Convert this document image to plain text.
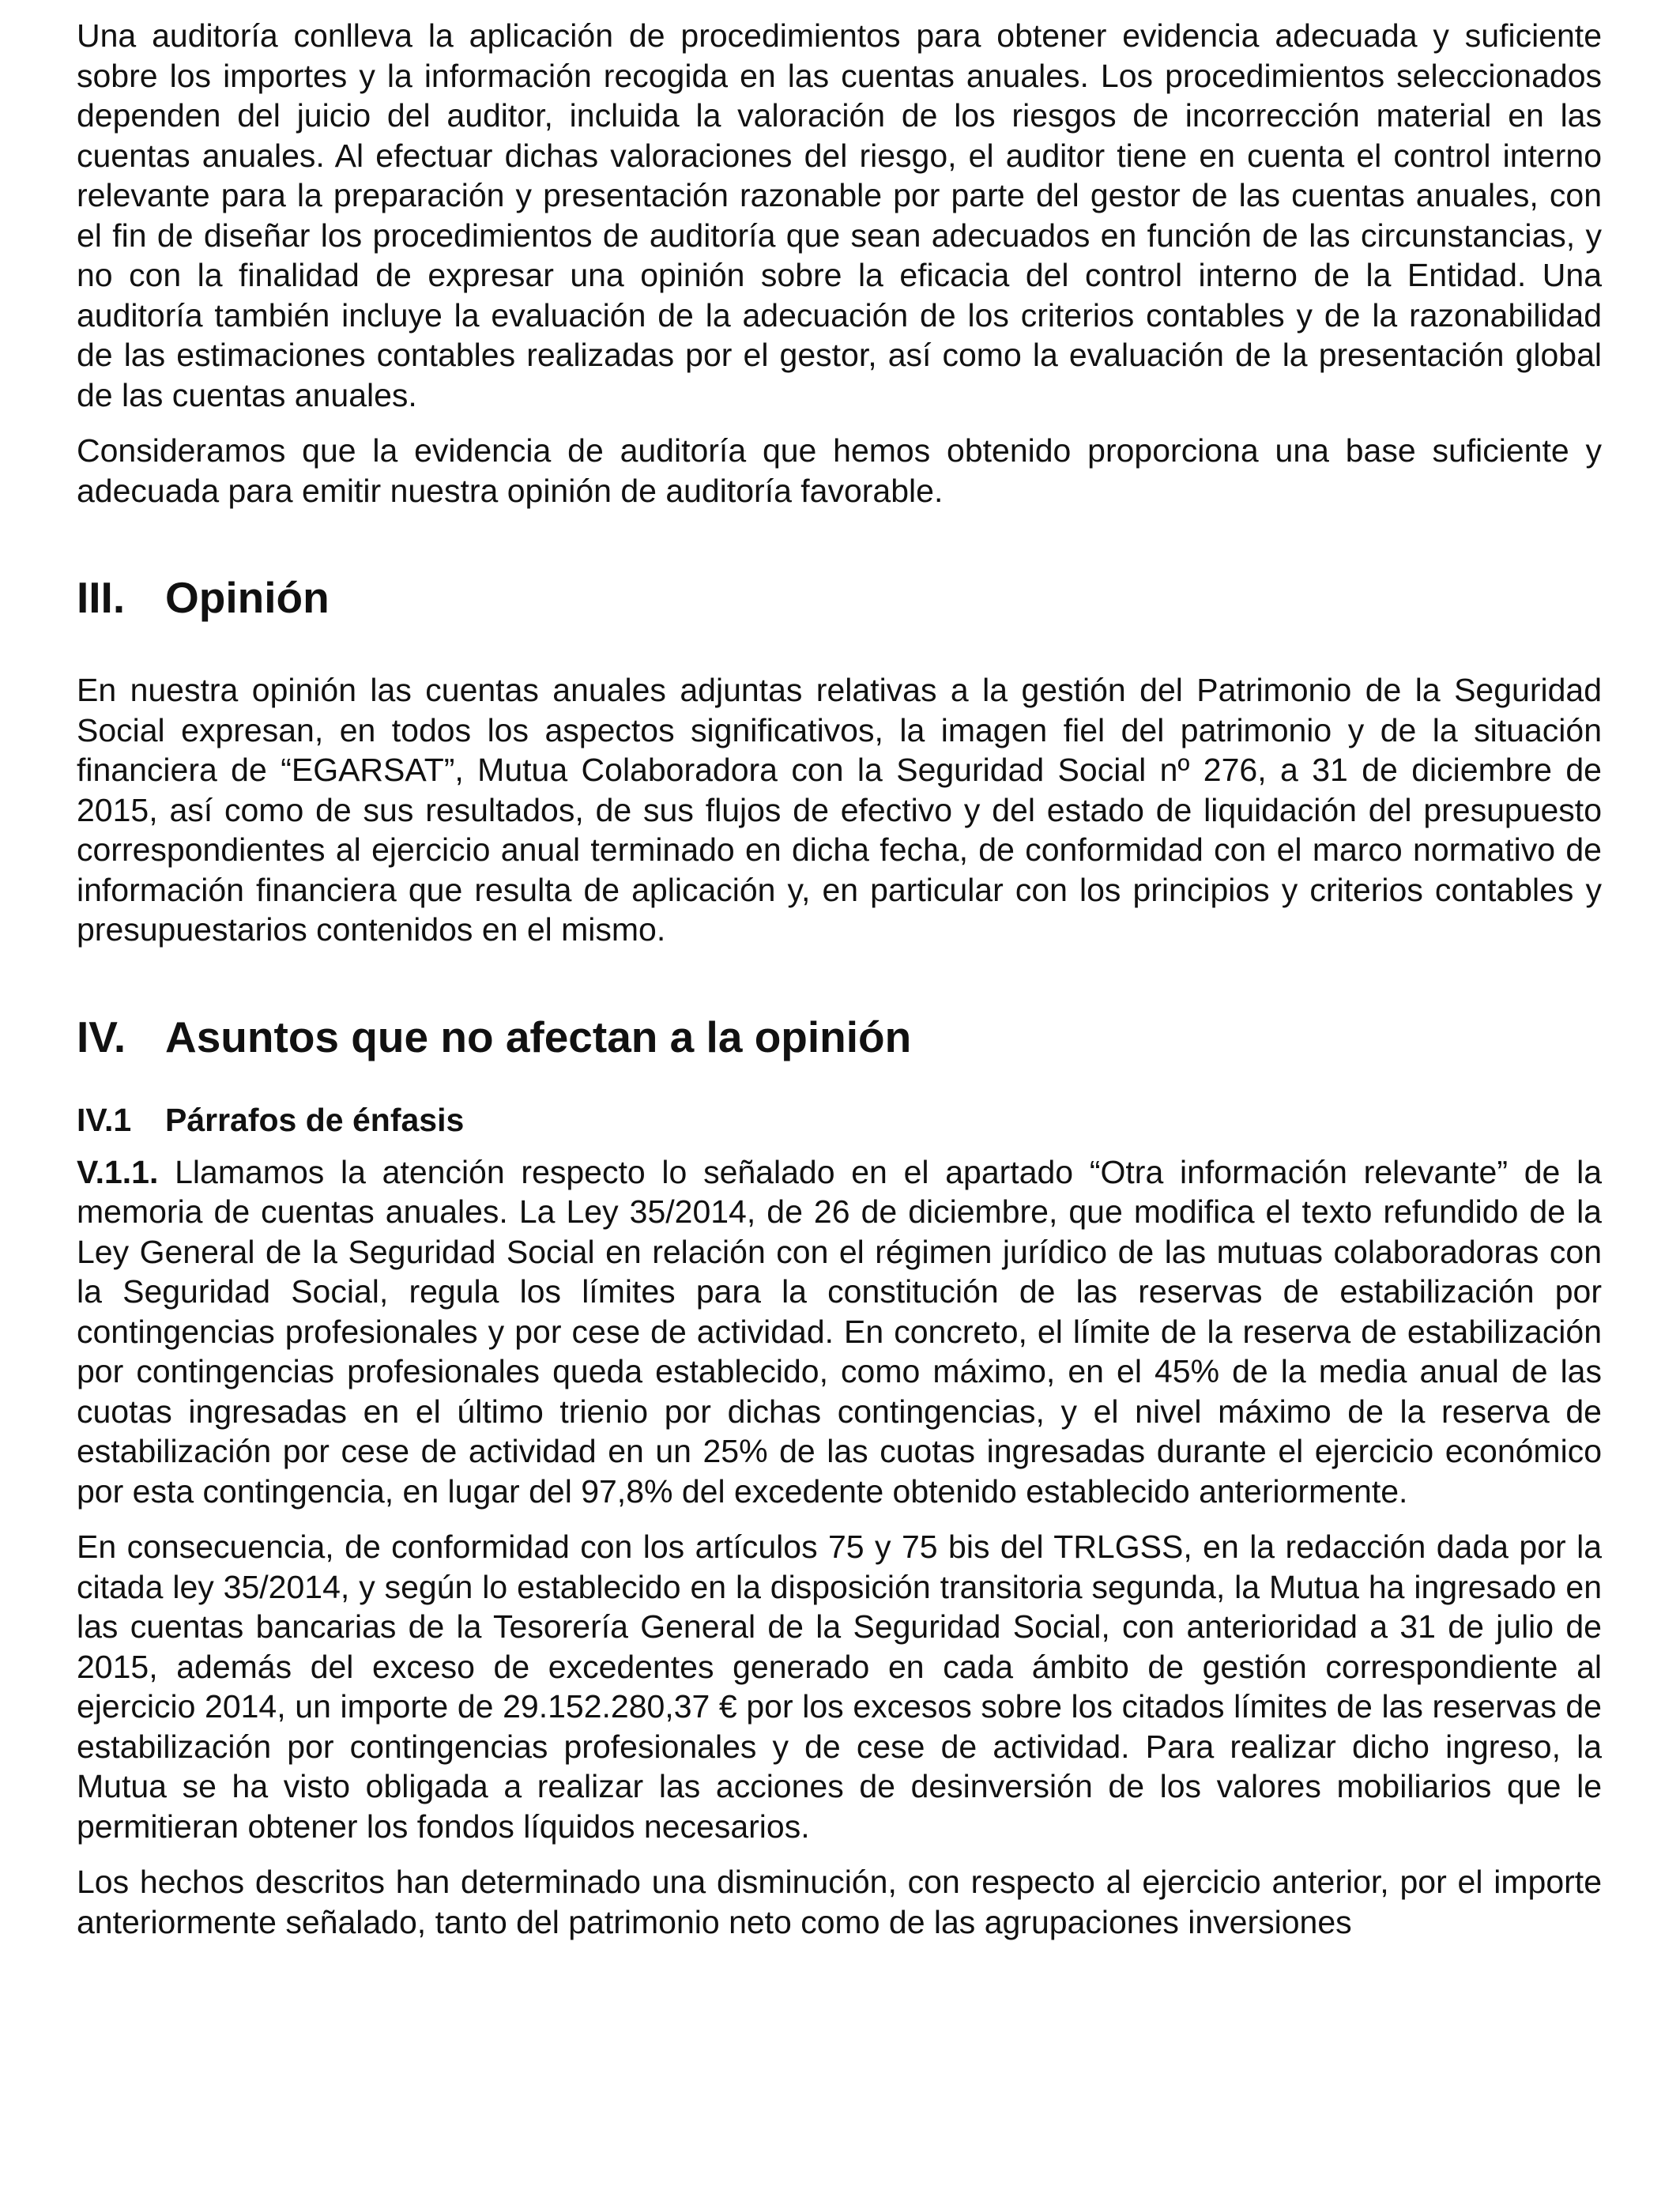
Una auditoría conlleva la aplicación de procedimientos para obtener evidencia adecuada y suficiente sobre los importes y la información recogida en las cuentas anuales. Los procedimientos seleccionados dependen del juicio del auditor, incluida la valoración de los riesgos de incorrección material en las cuentas anuales. Al efectuar dichas valoraciones del riesgo, el auditor tiene en cuenta el control interno relevante para la preparación y presentación razonable por parte del gestor de las cuentas anuales, con el fin de diseñar los procedimientos de auditoría que sean adecuados en función de las circunstancias, y no con la finalidad de expresar una opinión sobre la eficacia del control interno de la Entidad. Una auditoría también incluye la evaluación de la adecuación de los criterios contables y de la razonabilidad de las estimaciones contables realizadas por el gestor, así como la evaluación de la presentación global de las cuentas anuales.

Consideramos que la evidencia de auditoría que hemos obtenido proporciona una base suficiente y adecuada para emitir nuestra opinión de auditoría favorable.

III. Opinión

En nuestra opinión las cuentas anuales adjuntas relativas a la gestión del Patrimonio de la Seguridad Social expresan, en todos los aspectos significativos, la imagen fiel del patrimonio y de la situación financiera de “EGARSAT”, Mutua Colaboradora con la Seguridad Social nº 276, a 31 de diciembre de 2015, así como de sus resultados, de sus flujos de efectivo y del estado de liquidación del presupuesto correspondientes al ejercicio anual terminado en dicha fecha, de conformidad con el marco normativo de información financiera que resulta de aplicación y, en particular con los principios y criterios contables y presupuestarios contenidos en el mismo.

IV. Asuntos que no afectan a la opinión
IV.1	Párrafos de énfasis

V.1.1. Llamamos la atención respecto lo señalado en el apartado “Otra información relevante” de la memoria de cuentas anuales. La Ley 35/2014, de 26 de diciembre, que modifica el texto refundido de la Ley General de la Seguridad Social en relación con el régimen jurídico de las mutuas colaboradoras con la Seguridad Social, regula los límites para la constitución de las reservas de estabilización por contingencias profesionales y por cese de actividad. En concreto, el límite de la reserva de estabilización por contingencias profesionales queda establecido, como máximo, en el 45% de la media anual de las cuotas ingresadas en el último trienio por dichas contingencias, y el nivel máximo de la reserva de estabilización por cese de actividad en un 25% de las cuotas ingresadas durante el ejercicio económico por esta contingencia, en lugar del 97,8% del excedente obtenido establecido anteriormente.

En consecuencia, de conformidad con los artículos 75 y 75 bis del TRLGSS, en la redacción dada por la citada ley 35/2014, y según lo establecido en la disposición transitoria segunda, la Mutua ha ingresado en las cuentas bancarias de la Tesorería General de la Seguridad Social, con anterioridad a 31 de julio de 2015, además del exceso de excedentes generado en cada ámbito de gestión correspondiente al ejercicio 2014, un importe de 29.152.280,37 € por los excesos sobre los citados límites de las reservas de estabilización por contingencias profesionales y de cese de actividad. Para realizar dicho ingreso, la Mutua se ha visto obligada a realizar las acciones de desinversión de los valores mobiliarios que le permitieran obtener los fondos líquidos necesarios.

Los hechos descritos han determinado una disminución, con respecto al ejercicio anterior, por el importe anteriormente señalado, tanto del patrimonio neto como de las agrupaciones inversiones
